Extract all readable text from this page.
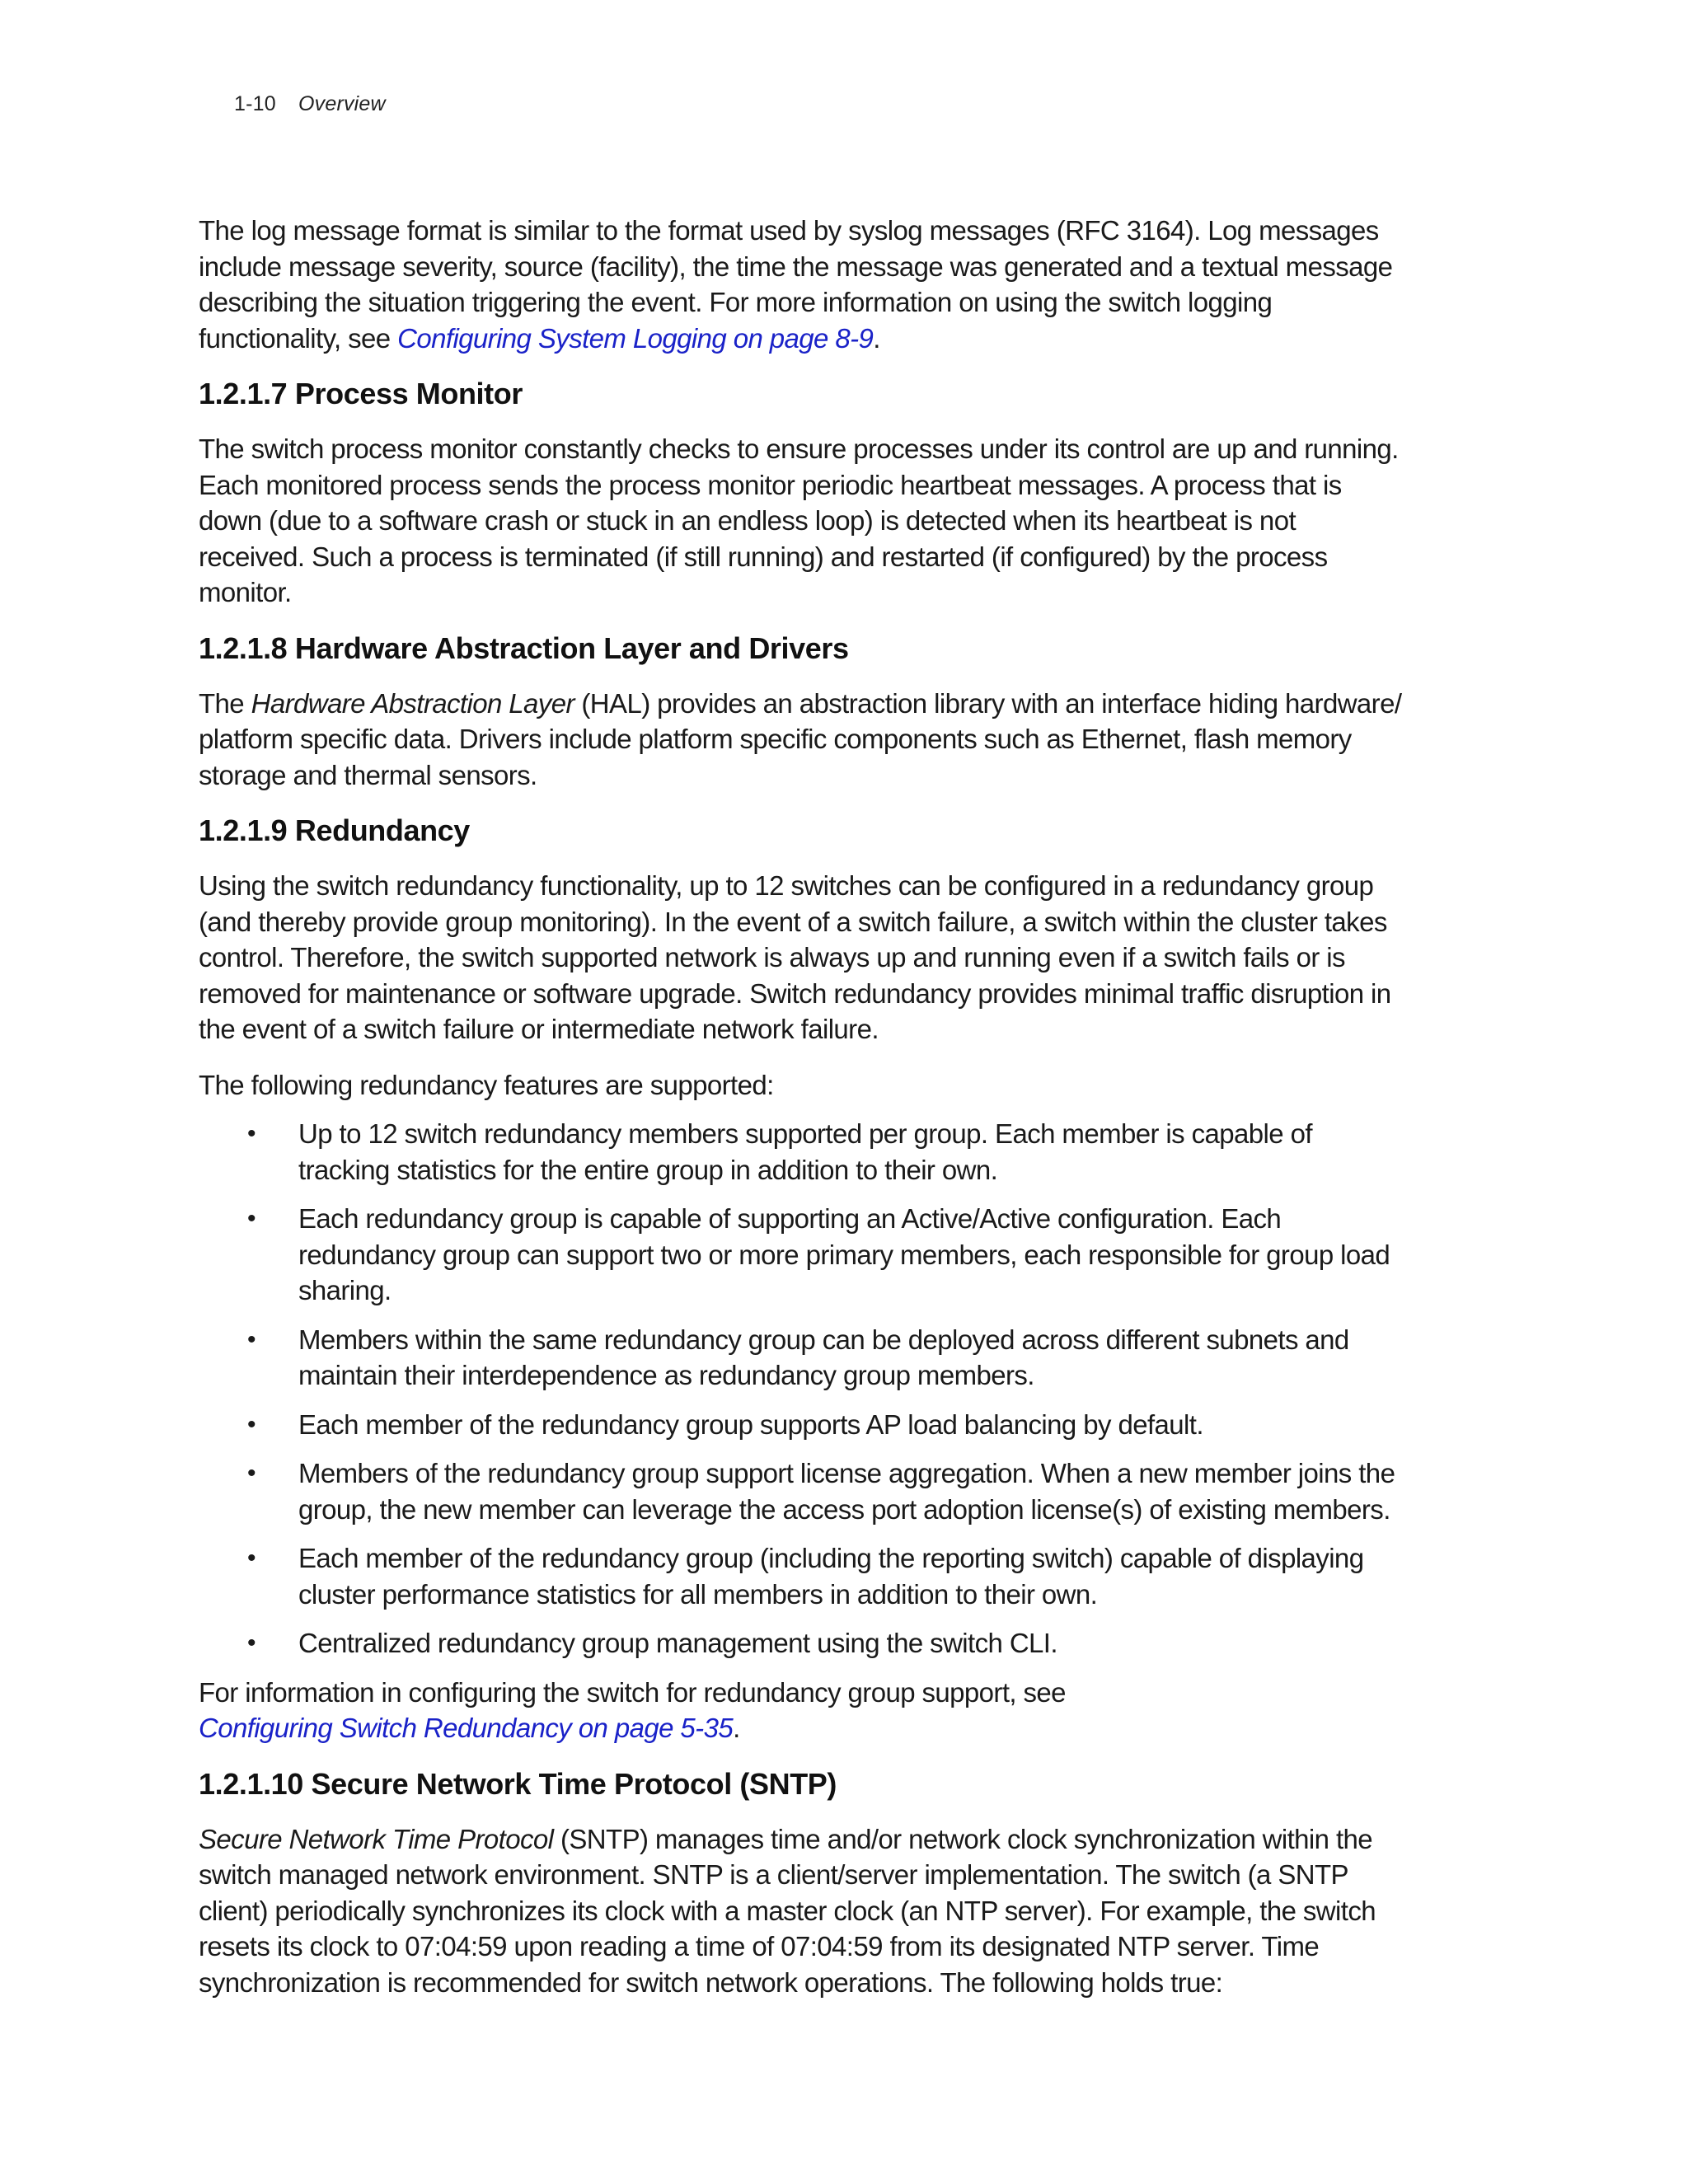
1-10 Overview

The log message format is similar to the format used by syslog messages (RFC 3164). Log messages include message severity, source (facility), the time the message was generated and a textual message describing the situation triggering the event. For more information on using the switch logging functionality, see Configuring System Logging on page 8-9.

1.2.1.7 Process Monitor

The switch process monitor constantly checks to ensure processes under its control are up and running. Each monitored process sends the process monitor periodic heartbeat messages. A process that is down (due to a software crash or stuck in an endless loop) is detected when its heartbeat is not received. Such a process is terminated (if still running) and restarted (if configured) by the process monitor.

1.2.1.8 Hardware Abstraction Layer and Drivers

The Hardware Abstraction Layer (HAL) provides an abstraction library with an interface hiding hardware/ platform specific data. Drivers include platform specific components such as Ethernet, flash memory storage and thermal sensors.

1.2.1.9 Redundancy

Using the switch redundancy functionality, up to 12 switches can be configured in a redundancy group (and thereby provide group monitoring). In the event of a switch failure, a switch within the cluster takes control. Therefore, the switch supported network is always up and running even if a switch fails or is removed for maintenance or software upgrade. Switch redundancy provides minimal traffic disruption in the event of a switch failure or intermediate network failure.

The following redundancy features are supported:

• Up to 12 switch redundancy members supported per group. Each member is capable of tracking statistics for the entire group in addition to their own.
• Each redundancy group is capable of supporting an Active/Active configuration. Each redundancy group can support two or more primary members, each responsible for group load sharing.
• Members within the same redundancy group can be deployed across different subnets and maintain their interdependence as redundancy group members.
• Each member of the redundancy group supports AP load balancing by default.
• Members of the redundancy group support license aggregation. When a new member joins the group, the new member can leverage the access port adoption license(s) of existing members.
• Each member of the redundancy group (including the reporting switch) capable of displaying cluster performance statistics for all members in addition to their own.
• Centralized redundancy group management using the switch CLI.

For information in configuring the switch for redundancy group support, see
Configuring Switch Redundancy on page 5-35.

1.2.1.10 Secure Network Time Protocol (SNTP)

Secure Network Time Protocol (SNTP) manages time and/or network clock synchronization within the switch managed network environment. SNTP is a client/server implementation. The switch (a SNTP client) periodically synchronizes its clock with a master clock (an NTP server). For example, the switch resets its clock to 07:04:59 upon reading a time of 07:04:59 from its designated NTP server. Time synchronization is recommended for switch network operations. The following holds true:
